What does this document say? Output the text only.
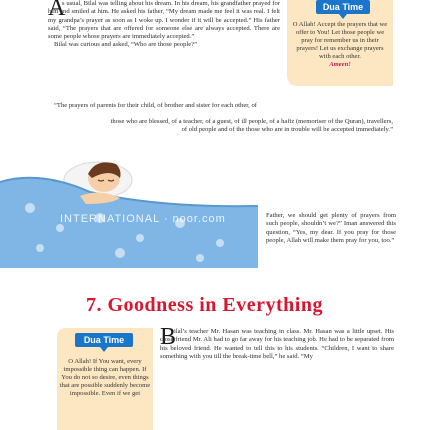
A

s usual, Bilal was telling about his dream. In his dream, his grandfather prayed for him and smiled at him. He asked his father, “My dream made me feel it was real. I felt my grandpa’s prayer as soon as I woke up. I wonder if it will be accepted.” His father said, “The prayers that are offered for someone else are always accepted. There are some people whose prayers are immediately accepted.”

Bilal was curious and asked, “Who are those people?”

Dua Time
O Allah! Accept the prayers that we offer to You! Let those people we pray for remember us in their prayers! Let us exchange prayers with each other.
Ameen!

“The prayers of parents for their child, of brother and sister for each other, of

those who are blessed, of a teacher, of a guest, of ill people, of a hafiz (memoriser of the Quran), travellers, of old people and of the those who are in trouble will be accepted immediately.”

INTERNATIONAL · noor.com	Father, we should get plenty of prayers from such people, shouldn’t we?” Iman answered this question, “Yes, my dear. If you pray for those people, Allah will make them pray for you, too.”

7. Goodness in Everything
Dua Time
O Allah! If You want, every impossible thing can happen. If You do not so desire, even things that are possible suddenly become impossible. Even if we get
B

ilal’s teacher Mr. Hasan was teaching in class. Mr. Hasan was a little upset. His close friend Mr. Ali had to go far away for his teaching job. He had to be separated from his beloved friend. He wanted to tell this to his students. “Children, I want to share something with you till the break-time bell,” he said. “My
